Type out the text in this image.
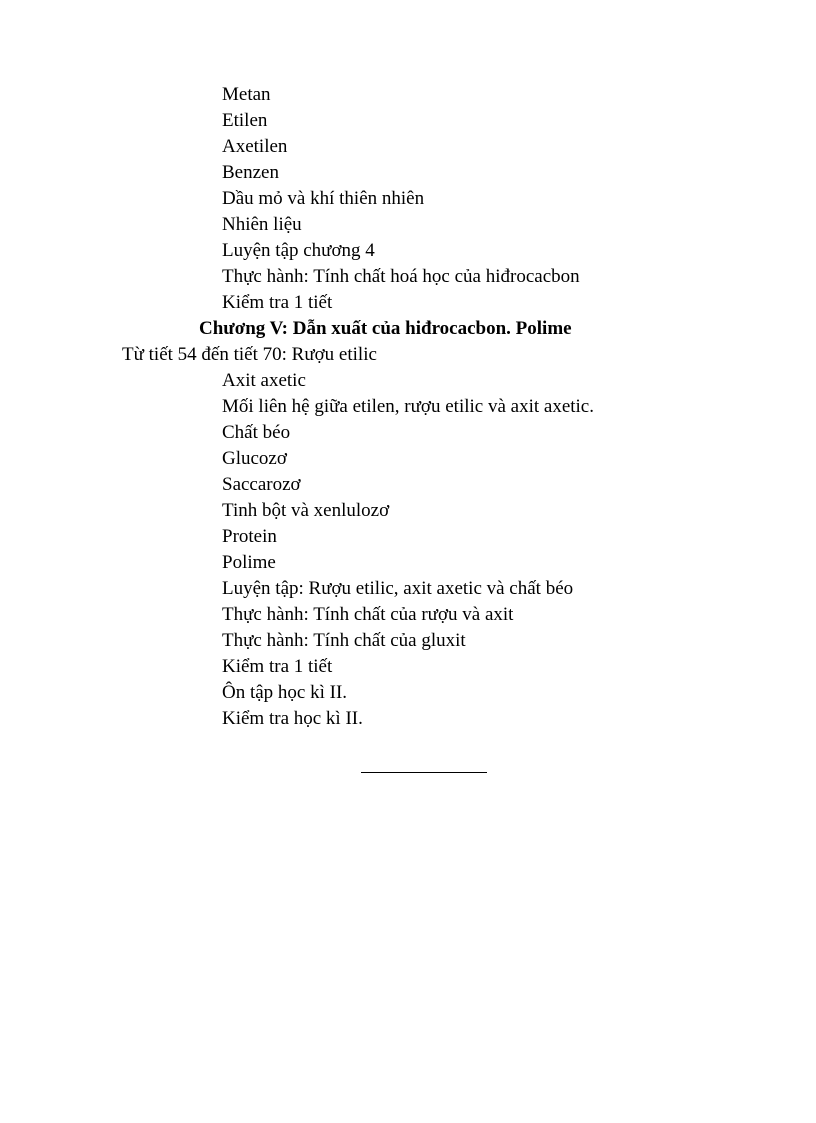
Metan
Etilen
Axetilen
Benzen
Dầu mỏ và khí thiên nhiên
Nhiên liệu
Luyện tập chương 4
Thực hành: Tính chất hoá học của hiđrocacbon
Kiểm tra 1 tiết
Chương V: Dẫn xuất của hiđrocacbon. Polime
Từ tiết 54 đến tiết 70: Rượu etilic
Axit axetic
Mối liên hệ giữa etilen, rượu etilic và axit axetic.
Chất béo
Glucozơ
Saccarozơ
Tinh bột và xenlulozơ
Protein
Polime
Luyện tập: Rượu etilic, axit axetic và chất béo
Thực hành: Tính chất của rượu và axit
Thực hành: Tính chất của gluxit
Kiểm tra 1 tiết
Ôn tập học kì II.
Kiểm tra học kì II.
